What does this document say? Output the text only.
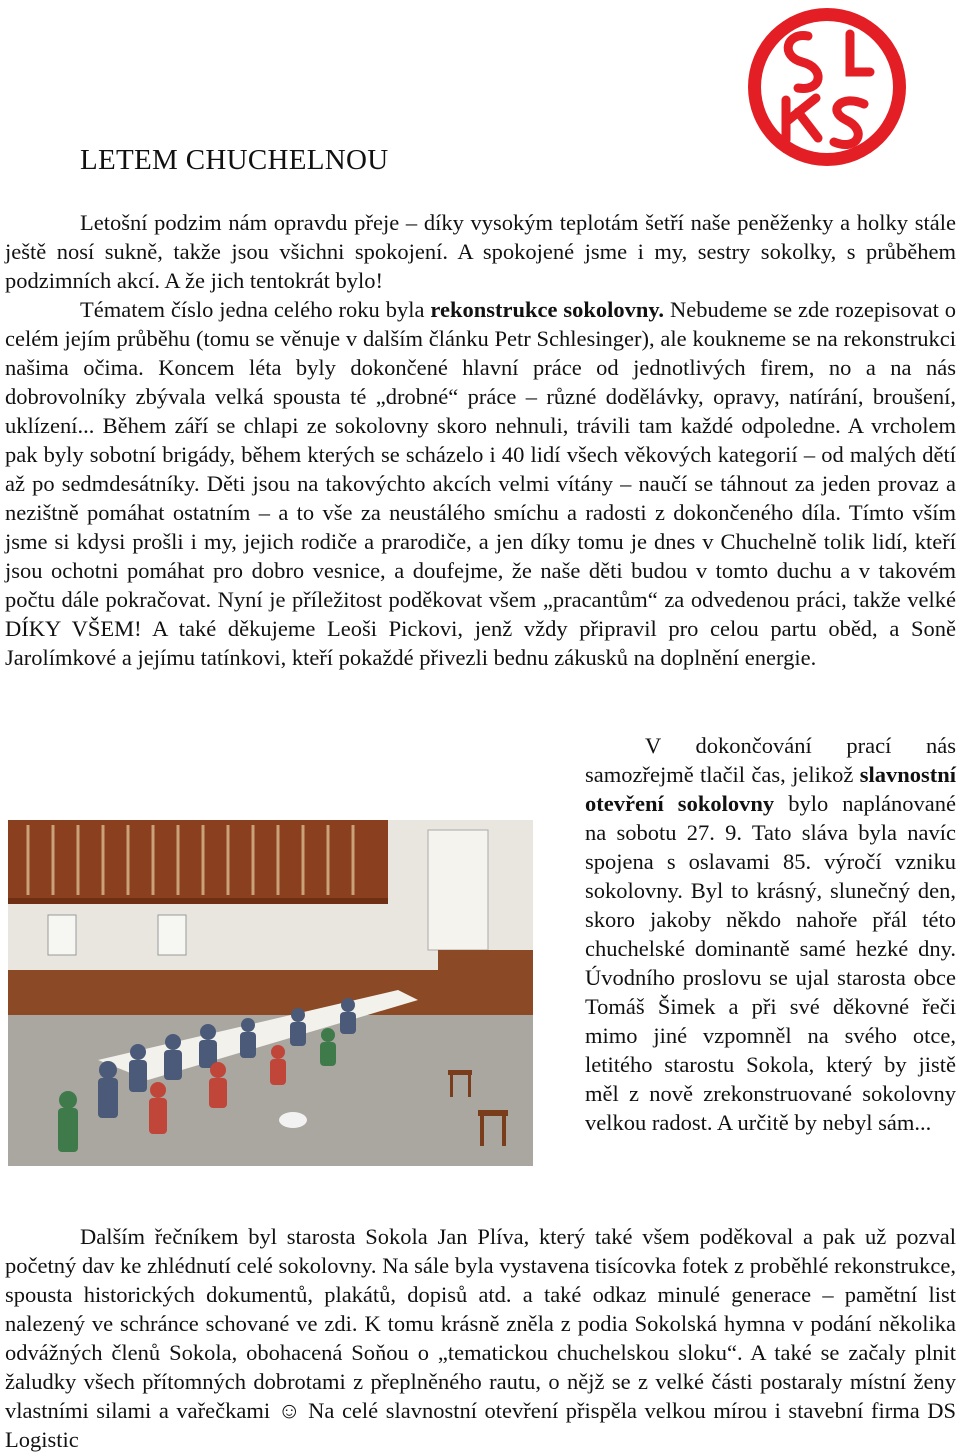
SLS
LETEM CHUCHELNOU

Letošní podzim nám opravdu přeje – díky vysokým teplotám šetří naše peněženky a holky stále ještě nosí sukně, takže jsou všichni spokojení. A spokojené jsme i my, sestry sokolky, s průběhem podzimních akcí. A že jich tentokrát bylo!
Tématem číslo jedna celého roku byla rekonstrukce sokolovny. Nebudeme se zde rozepisovat o celém jejím průběhu (tomu se věnuje v dalším článku Petr Schlesinger), ale koukneme se na rekonstrukci našima očima. Koncem léta byly dokončené hlavní práce od jednotlivých firem, no a na nás dobrovolníky zbývala velká spousta té „drobné“ práce – různé dodělávky, opravy, natírání, broušení, uklízení... Během září se chlapi ze sokolovny skoro nehnuli, trávili tam každé odpoledne. A vrcholem pak byly sobotní brigády, během kterých se scházelo i 40 lidí všech věkových kategorií – od malých dětí až po sedmdesátníky. Děti jsou na takovýchto akcích velmi vítány – naučí se táhnout za jeden provaz a nezištně pomáhat ostatním – a to vše za neustálého smíchu a radosti z dokončeného díla. Tímto vším jsme si kdysi prošli i my, jejich rodiče a prarodiče, a jen díky tomu je dnes v Chuchelně tolik lidí, kteří jsou ochotni pomáhat pro dobro vesnice, a doufejme, že naše děti budou v tomto duchu a v takovém počtu dále pokračovat. Nyní je příležitost poděkovat všem „pracantům“ za odvedenou práci, takže velké DÍKY VŠEM! A také děkujeme Leoši Pickovi, jenž vždy připravil pro celou partu oběd, a Soně Jarolímkové a jejímu tatínkovi, kteří pokaždé přivezli bednu zákusků na doplnění energie.

V dokončování prací nás samozřejmě tlačil čas, jelikož slavnostní otevření sokolovny bylo naplánované na sobotu 27. 9. Tato sláva byla navíc spojena s oslavami 85. výročí vzniku sokolovny. Byl to krásný, slunečný den, skoro jakoby někdo nahoře přál této chuchelské dominantě samé hezké dny. Úvodního proslovu se ujal starosta obce Tomáš Šimek a při své děkovné řeči mimo jiné vzpomněl na svého otce, letitého starostu Sokola, který by jistě měl z nově zrekonstruované sokolovny velkou radost. A určitě by nebyl sám...

Dalším řečníkem byl starosta Sokola Jan Plíva, který také všem poděkoval a pak už pozval početný dav ke zhlédnutí celé sokolovny. Na sále byla vystavena tisícovka fotek z proběhlé rekonstrukce, spousta historických dokumentů, plakátů, dopisů atd. a také odkaz minulé generace – pamětní list nalezený ve schránce schované ve zdi. K tomu krásně zněla z podia Sokolská hymna v podání několika odvážných členů Sokola, obohacená Soňou o „tematickou chuchelskou sloku“. A také se začaly plnit žaludky všech přítomných dobrotami z přeplněného rautu, o nějž se z velké části postaraly místní ženy vlastními silami a vařečkami ☺ Na celé slavnostní otevření přispěla velkou mírou i stavební firma DS Logistic
